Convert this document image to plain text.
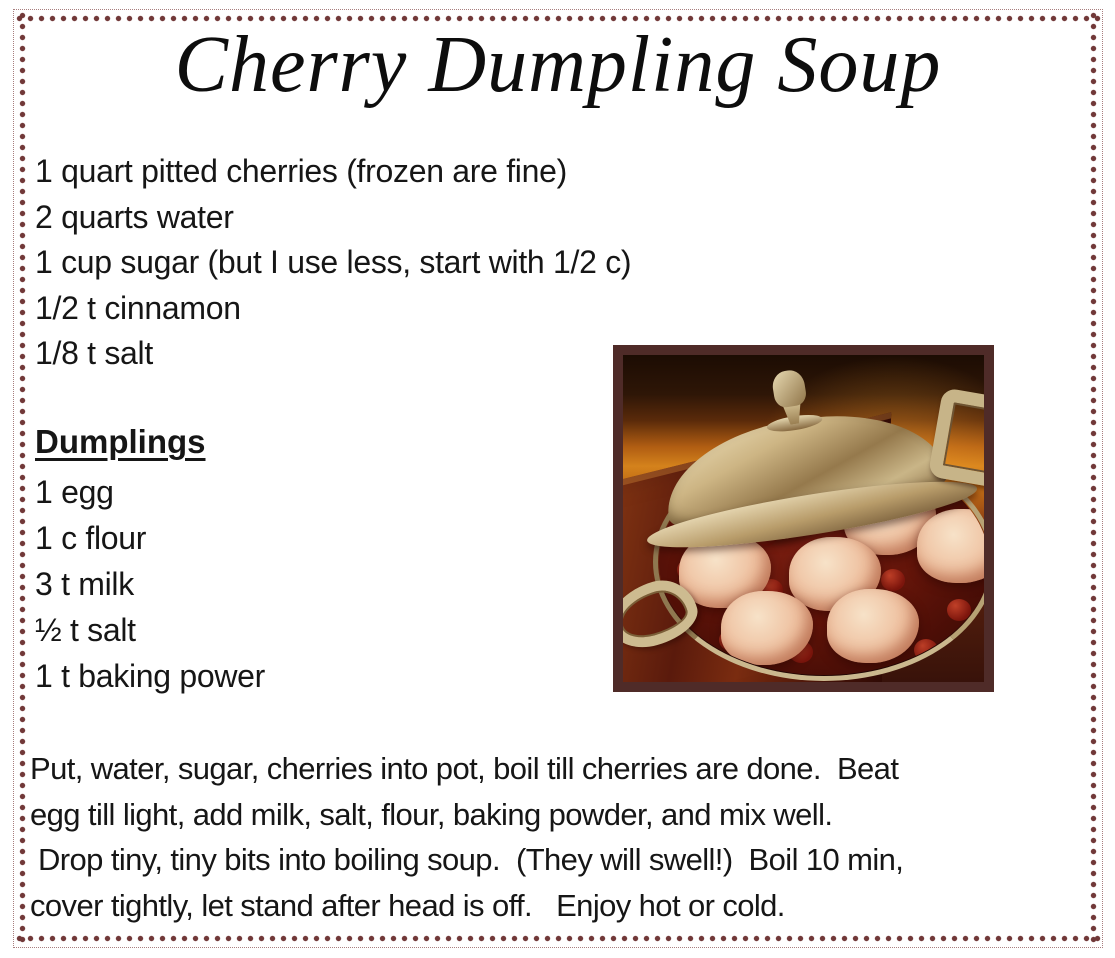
Cherry Dumpling Soup
1 quart pitted cherries (frozen are fine)
2 quarts water
1 cup sugar (but I use less, start with 1/2 c)
1/2 t cinnamon
1/8 t salt
Dumplings
1 egg
1 c flour
3 t milk
½ t salt
1 t baking power
Put, water, sugar, cherries into pot, boil till cherries are done.  Beat
egg till light, add milk, salt, flour, baking powder, and mix well.
Drop tiny, tiny bits into boiling soup.  (They will swell!)  Boil 10 min,
cover tightly, let stand after head is off.   Enjoy hot or cold.
